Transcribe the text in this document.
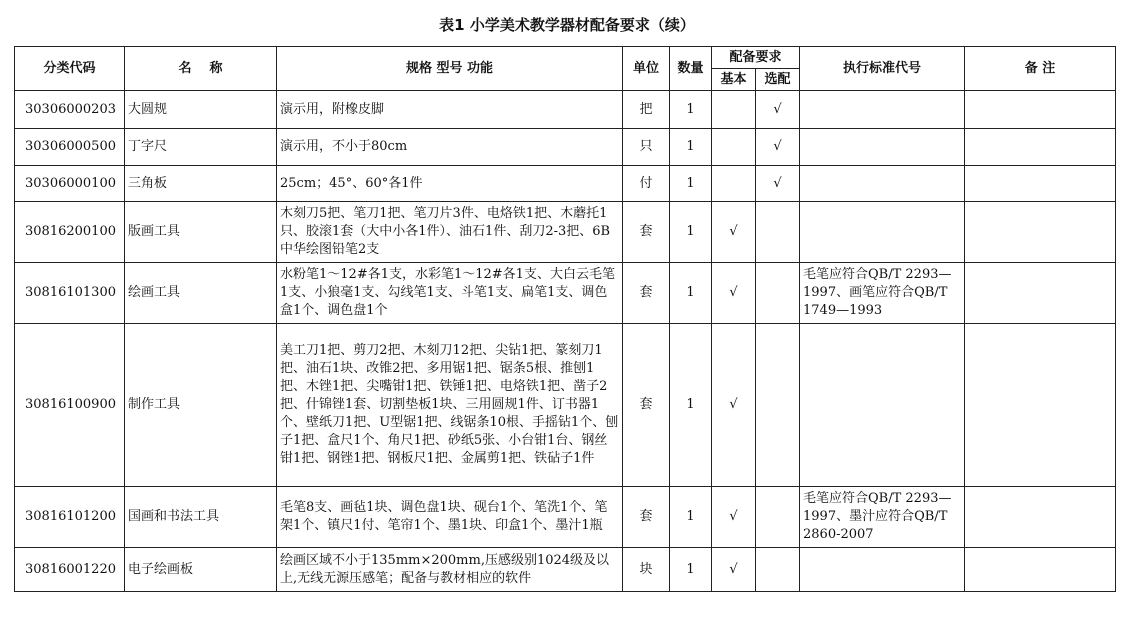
表1 小学美术教学器材配备要求（续）
分类代码	名    称	规格 型号 功能	单位	数量	配备要求		执行标准代号	备 注
					基本	选配		
30306000203	大圆规	演示用，附橡皮脚	把	1		√		
30306000500	丁字尺	演示用，不小于80cm	只	1		√		
30306000100	三角板	25cm；45°、60°各1件	付	1		√		
30816200100	版画工具	木刻刀5把、笔刀1把、笔刀片3件、电烙铁1把、木蘑托1只、胶滚1套（大中小各1件）、油石1件、刮刀2-3把、6B中华绘图铅笔2支	套	1	√			
30816101300	绘画工具	水粉笔1～12#各1支，水彩笔1～12#各1支、大白云毛笔1支、小狼毫1支、勾线笔1支、斗笔1支、扁笔1支、调色盒1个、调色盘1个	套	1	√		毛笔应符合QB/T 2293—1997、画笔应符合QB/T 1749—1993	
30816100900	制作工具	美工刀1把、剪刀2把、木刻刀12把、尖钻1把、篆刻刀1把、油石1块、改锥2把、多用锯1把、锯条5根、推刨1把、木锉1把、尖嘴钳1把、铁锤1把、电烙铁1把、凿子2把、什锦锉1套、切割垫板1块、三用圆规1件、订书器1个、壁纸刀1把、U型锯1把、线锯条10根、手摇钻1个、刨子1把、盒尺1个、角尺1把、砂纸5张、小台钳1台、钢丝钳1把、钢锉1把、钢板尺1把、金属剪1把、铁砧子1件	套	1	√			
30816101200	国画和书法工具	毛笔8支、画毡1块、调色盘1块、砚台1个、笔洗1个、笔架1个、镇尺1付、笔帘1个、墨1块、印盒1个、墨汁1瓶	套	1	√		毛笔应符合QB/T 2293—1997、墨汁应符合QB/T 2860-2007	
30816001220	电子绘画板	绘画区域不小于135mm×200mm,压感级别1024级及以上,无线无源压感笔；配备与教材相应的软件	块	1	√			
